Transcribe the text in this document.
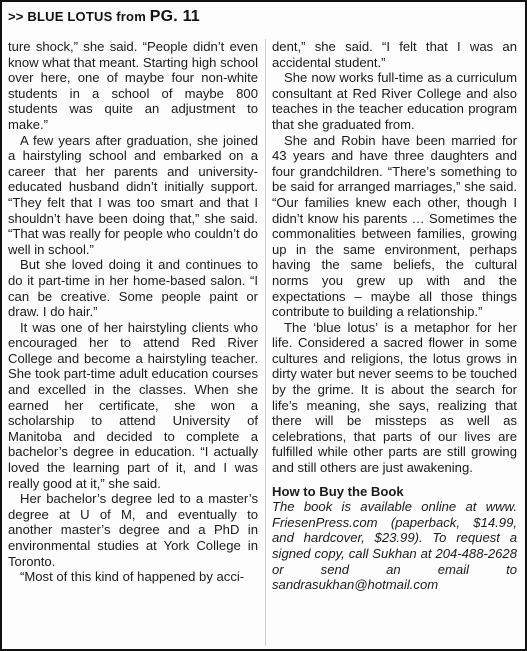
>> BLUE LOTUS from PG. 11

ture shock,” she said. “People didn’t even know what that meant. Starting high school over here, one of maybe four non-white students in a school of maybe 800 students was quite an adjustment to make.”

A few years after graduation, she joined a hairstyling school and embarked on a career that her parents and university-educated husband didn’t initially support. “They felt that I was too smart and that I shouldn’t have been doing that,” she said. “That was really for people who couldn’t do well in school.”

But she loved doing it and continues to do it part-time in her home-based salon. “I can be creative. Some people paint or draw. I do hair.”

It was one of her hairstyling clients who encouraged her to attend Red River College and become a hairstyling teacher. She took part-time adult education courses and excelled in the classes. When she earned her certificate, she won a scholarship to attend University of Manitoba and decided to complete a bachelor’s degree in education. “I actually loved the learning part of it, and I was really good at it,” she said.

Her bachelor’s degree led to a master’s degree at U of M, and eventually to another master’s degree and a PhD in environmental studies at York College in Toronto.

“Most of this kind of happened by acci-

dent,” she said. “I felt that I was an accidental student.”

She now works full-time as a curriculum consultant at Red River College and also teaches in the teacher education program that she graduated from.

She and Robin have been married for 43 years and have three daughters and four grandchildren. “There’s something to be said for arranged marriages,” she said. “Our families knew each other, though I didn’t know his parents … Sometimes the commonalities between families, growing up in the same environment, perhaps having the same beliefs, the cultural norms you grew up with and the expectations – maybe all those things contribute to building a relationship.”

The ‘blue lotus’ is a metaphor for her life. Considered a sacred flower in some cultures and religions, the lotus grows in dirty water but never seems to be touched by the grime. It is about the search for life’s meaning, she says, realizing that there will be missteps as well as celebrations, that parts of our lives are fulfilled while other parts are still growing and still others are just awakening.

How to Buy the Book

The book is available online at www. FriesenPress.com (paperback, $14.99, and hardcover, $23.99). To request a signed copy, call Sukhan at 204-488-2628 or send an email to sandrasukhan@hotmail.com
